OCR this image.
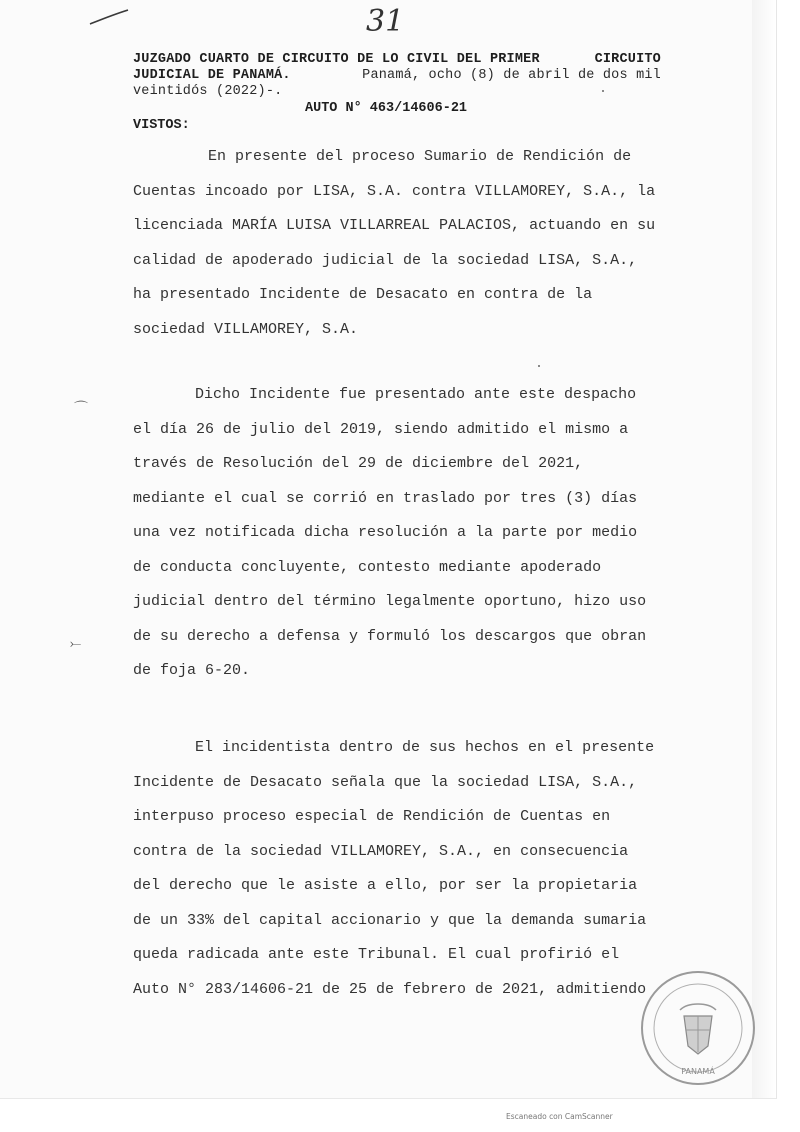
31
⌒
⤚
JUZGADO CUARTO DE CIRCUITO DE LO CIVIL DEL PRIMER	CIRCUITO
JUDICIAL DE PANAMÁ.	Panamá, ocho (8) de abril de dos mil
veintidós (2022)-.
AUTO N° 463/14606-21
VISTOS:
En presente del proceso Sumario de Rendición de
Cuentas incoado por LISA, S.A. contra VILLAMOREY, S.A., la
licenciada MARÍA LUISA VILLARREAL PALACIOS, actuando en su
calidad de apoderado judicial de la sociedad LISA, S.A.,
ha presentado Incidente de Desacato en contra de la
sociedad VILLAMOREY, S.A.
Dicho Incidente fue presentado ante este despacho
el día 26 de julio del 2019, siendo admitido el mismo a
través de Resolución del 29 de diciembre del 2021,
mediante el cual se corrió en traslado por tres (3) días
una vez notificada dicha resolución a la parte por medio
de conducta concluyente, contesto mediante apoderado
judicial dentro del término legalmente oportuno, hizo uso
de su derecho a defensa y formuló los descargos que obran
de foja 6-20.
El incidentista dentro de sus hechos en el presente
Incidente de Desacato señala que la sociedad LISA, S.A.,
interpuso proceso especial de Rendición de Cuentas en
contra de la sociedad VILLAMOREY, S.A., en consecuencia
del derecho que le asiste a ello, por ser la propietaria
de un 33% del capital accionario y que la demanda sumaria
queda radicada ante este Tribunal. El cual profirió el
Auto N° 283/14606-21 de 25 de febrero de 2021, admitiendo
PANAMÁ
Escaneado con CamScanner
